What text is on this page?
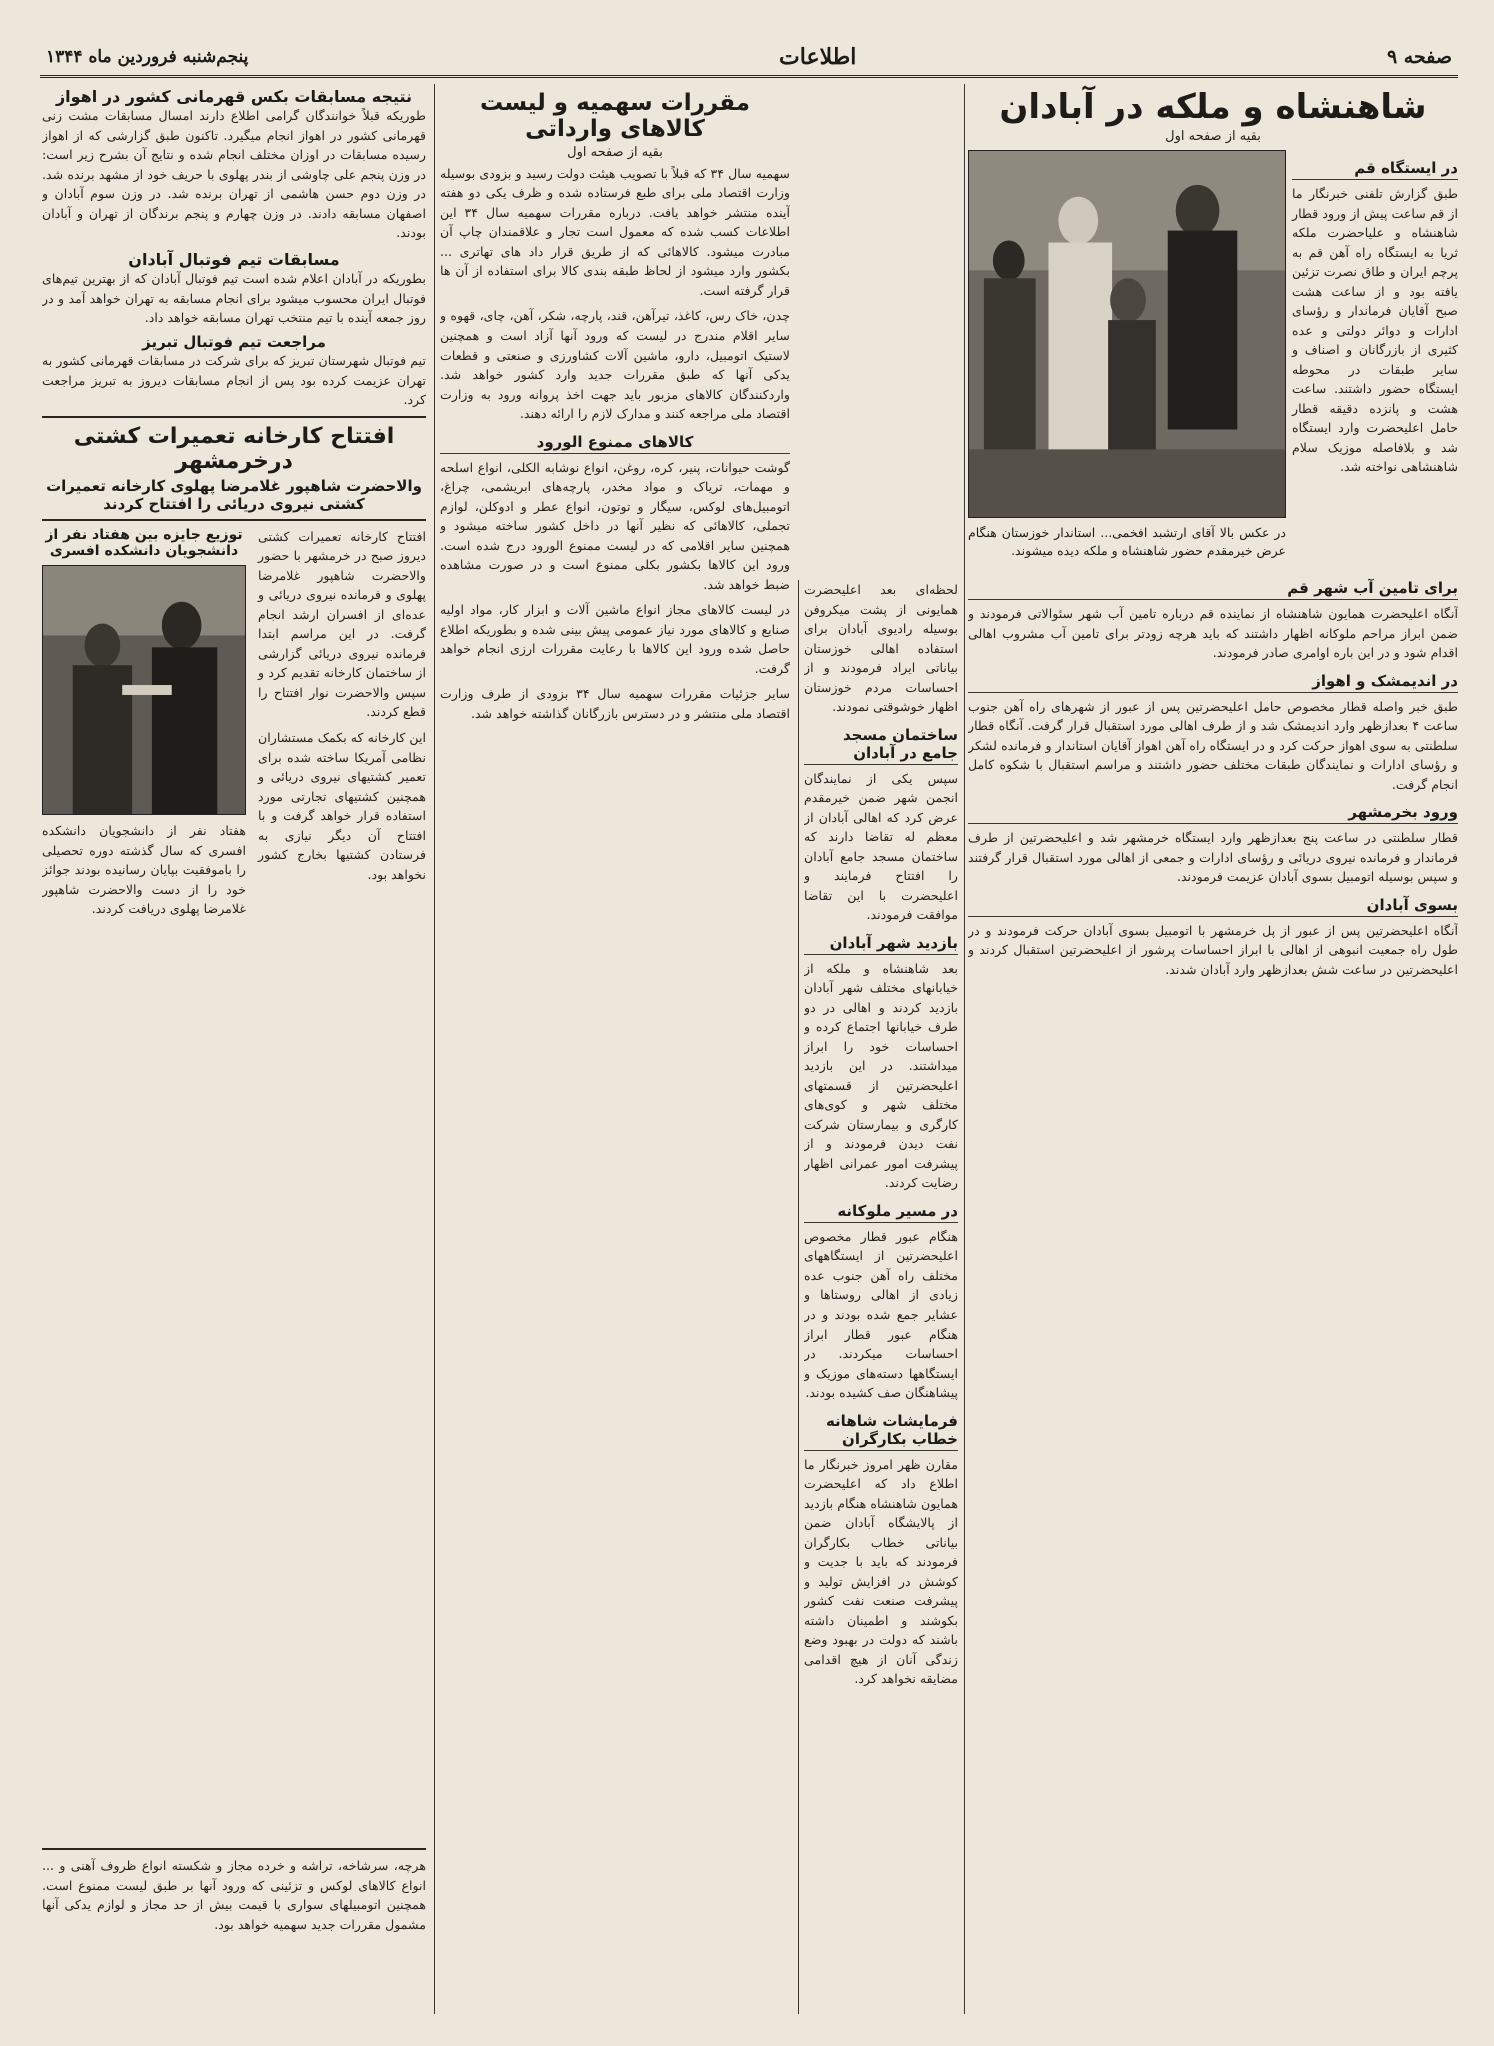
صفحه ۹
اطلاعات
پنجم‌شنبه فروردین ماه ۱۳۴۴
شاهنشاه و ملکه در آبادان
بقیه از صفحه اول
در عکس بالا آقای ارتشبد افخمی... استاندار خوزستان هنگام عرض خیرمقدم حضور شاهنشاه و ملکه دیده میشوند.
در ایستگاه قم
طبق گزارش تلفنی خبرنگار ما از قم ساعت پیش از ورود قطار شاهنشاه و علیاحضرت ملکه ثریا به ایستگاه راه آهن قم به پرچم ایران و طاق نصرت تزئین یافته بود و از ساعت هشت صبح آقایان فرماندار و رؤسای ادارات و دوائر دولتی و عده کثیری از بازرگانان و اصناف و سایر طبقات در محوطه ایستگاه حضور داشتند. ساعت هشت و پانزده دقیقه قطار حامل اعلیحضرت وارد ایستگاه شد و بلافاصله موزیک سلام شاهنشاهی نواخته شد.
برای تامین آب شهر قم
آنگاه اعلیحضرت همایون شاهنشاه از نماینده قم درباره تامین آب شهر سئوالاتی فرمودند و ضمن ابراز مراحم ملوکانه اظهار داشتند که باید هرچه زودتر برای تامین آب مشروب اهالی اقدام شود و در این باره اوامری صادر فرمودند.
در اندیمشک و اهواز
طبق خبر واصله قطار مخصوص حامل اعلیحضرتین پس از عبور از شهرهای راه آهن جنوب ساعت ۴ بعدازظهر وارد اندیمشک شد و از طرف اهالی مورد استقبال قرار گرفت. آنگاه قطار سلطنتی به سوی اهواز حرکت کرد و در ایستگاه راه آهن اهواز آقایان استاندار و فرمانده لشکر و رؤسای ادارات و نمایندگان طبقات مختلف حضور داشتند و مراسم استقبال با شکوه کامل انجام گرفت.
ورود بخرمشهر
قطار سلطنتی در ساعت پنج بعدازظهر وارد ایستگاه خرمشهر شد و اعلیحضرتین از طرف فرماندار و فرمانده نیروی دریائی و رؤسای ادارات و جمعی از اهالی مورد استقبال قرار گرفتند و سپس بوسیله اتومبیل بسوی آبادان عزیمت فرمودند.
بسوی آبادان
آنگاه اعلیحضرتین پس از عبور از پل خرمشهر با اتومبیل بسوی آبادان حرکت فرمودند و در طول راه جمعیت انبوهی از اهالی با ابراز احساسات پرشور از اعلیحضرتین استقبال کردند و اعلیحضرتین در ساعت شش بعدازظهر وارد آبادان شدند.
لحظه‌ای بعد اعلیحضرت همایونی از پشت میکروفن بوسیله رادیوی آبادان برای استفاده اهالی خوزستان بیاناتی ایراد فرمودند و از احساسات مردم خوزستان اظهار خوشوقتی نمودند.
ساختمان مسجد جامع در آبادان
سپس یکی از نمایندگان انجمن شهر ضمن خیرمقدم عرض کرد که اهالی آبادان از معظم له تقاضا دارند که ساختمان مسجد جامع آبادان را افتتاح فرمایند و اعلیحضرت با این تقاضا موافقت فرمودند.
بازدید شهر آبادان
بعد شاهنشاه و ملکه از خیابانهای مختلف شهر آبادان بازدید کردند و اهالی در دو طرف خیابانها اجتماع کرده و احساسات خود را ابراز میداشتند. در این بازدید اعلیحضرتین از قسمتهای مختلف شهر و کوی‌های کارگری و بیمارستان شرکت نفت دیدن فرمودند و از پیشرفت امور عمرانی اظهار رضایت کردند.
در مسیر ملوکانه
هنگام عبور قطار مخصوص اعلیحضرتین از ایستگاههای مختلف راه آهن جنوب عده زیادی از اهالی روستاها و عشایر جمع شده بودند و در هنگام عبور قطار ابراز احساسات میکردند. در ایستگاهها دسته‌های موزیک و پیشاهنگان صف کشیده بودند.
فرمایشات شاهانه خطاب بکارگران
مقارن ظهر امروز خبرنگار ما اطلاع داد که اعلیحضرت همایون شاهنشاه هنگام بازدید از پالایشگاه آبادان ضمن بیاناتی خطاب بکارگران فرمودند که باید با جدیت و کوشش در افزایش تولید و پیشرفت صنعت نفت کشور بکوشند و اطمینان داشته باشند که دولت در بهبود وضع زندگی آنان از هیچ اقدامی مضایقه نخواهد کرد.
مقررات سهمیه و لیست کالاهای وارداتی
بقیه از صفحه اول
سهمیه سال ۳۴ که قبلاً با تصویب هیئت دولت رسید و بزودی بوسیله وزارت اقتصاد ملی برای طبع فرستاده شده و ظرف یکی دو هفته آینده منتشر خواهد یافت. درباره مقررات سهمیه سال ۳۴ این اطلاعات کسب شده که معمول است تجار و علاقمندان چاپ آن مبادرت میشود. کالاهائی که از طریق قرار داد های تهاتری ... بکشور وارد میشود از لحاظ طبقه بندی کالا برای استفاده از آن ها قرار گرفته است.
چدن، خاک رس، کاغذ، تیرآهن، قند، پارچه، شکر، آهن، چای، قهوه و سایر اقلام مندرج در لیست که ورود آنها آزاد است و همچنین لاستیک اتومبیل، دارو، ماشین آلات کشاورزی و صنعتی و قطعات یدکی آنها که طبق مقررات جدید وارد کشور خواهد شد. واردکنندگان کالاهای مزبور باید جهت اخذ پروانه ورود به وزارت اقتصاد ملی مراجعه کنند و مدارک لازم را ارائه دهند.
کالاهای ممنوع الورود
گوشت حیوانات، پنیر، کره، روغن، انواع نوشابه الکلی، انواع اسلحه و مهمات، تریاک و مواد مخدر، پارچه‌های ابریشمی، چراغ، اتومبیل‌های لوکس، سیگار و توتون، انواع عطر و ادوکلن، لوازم تجملی، کالاهائی که نظیر آنها در داخل کشور ساخته میشود و همچنین سایر اقلامی که در لیست ممنوع الورود درج شده است. ورود این کالاها بکشور بکلی ممنوع است و در صورت مشاهده ضبط خواهد شد.
در لیست کالاهای مجاز انواع ماشین آلات و ابزار کار، مواد اولیه صنایع و کالاهای مورد نیاز عمومی پیش بینی شده و بطوریکه اطلاع حاصل شده ورود این کالاها با رعایت مقررات ارزی انجام خواهد گرفت.
سایر جزئیات مقررات سهمیه سال ۳۴ بزودی از طرف وزارت اقتصاد ملی منتشر و در دسترس بازرگانان گذاشته خواهد شد.
نتیجه مسابقات بکس قهرمانی کشور در اهواز
طوریکه قبلاً خوانندگان گرامی اطلاع دارند امسال مسابقات مشت زنی قهرمانی کشور در اهواز انجام میگیرد. تاکنون طبق گزارشی که از اهواز رسیده مسابقات در اوزان مختلف انجام شده و نتایج آن بشرح زیر است: در وزن پنجم علی چاوشی از بندر پهلوی با حریف خود از مشهد برنده شد. در وزن دوم حسن هاشمی از تهران برنده شد. در وزن سوم آبادان و اصفهان مسابقه دادند. در وزن چهارم و پنجم برندگان از تهران و آبادان بودند.
مسابقات تیم فوتبال آبادان
بطوریکه در آبادان اعلام شده است تیم فوتبال آبادان که از بهترین تیم‌های فوتبال ایران محسوب میشود برای انجام مسابقه به تهران خواهد آمد و در روز جمعه آینده با تیم منتخب تهران مسابقه خواهد داد.
مراجعت تیم فوتبال تبریز
تیم فوتبال شهرستان تبریز که برای شرکت در مسابقات قهرمانی کشور به تهران عزیمت کرده بود پس از انجام مسابقات دیروز به تبریز مراجعت کرد.
افتتاح کارخانه تعمیرات کشتی درخرمشهر
والاحضرت شاهپور غلامرضا پهلوی کارخانه تعمیرات کشتی نیروی دریائی را افتتاح کردند
افتتاح کارخانه تعمیرات کشتی دیروز صبح در خرمشهر با حضور والاحضرت شاهپور غلامرضا پهلوی و فرمانده نیروی دریائی و عده‌ای از افسران ارشد انجام گرفت. در این مراسم ابتدا فرمانده نیروی دریائی گزارشی از ساختمان کارخانه تقدیم کرد و سپس والاحضرت نوار افتتاح را قطع کردند.
این کارخانه که بکمک مستشاران نظامی آمریکا ساخته شده برای تعمیر کشتیهای نیروی دریائی و همچنین کشتیهای تجارتی مورد استفاده قرار خواهد گرفت و با افتتاح آن دیگر نیازی به فرستادن کشتیها بخارج کشور نخواهد بود.
توزیع جایزه بین هفتاد نفر از دانشجویان دانشکده افسری
هفتاد نفر از دانشجویان دانشکده افسری که سال گذشته دوره تحصیلی را باموفقیت بپایان رسانیده بودند جوائز خود را از دست والاحضرت شاهپور غلامرضا پهلوی دریافت کردند.
هرچه، سرشاخه، تراشه و خرده مجاز و شکسته انواع ظروف آهنی و ... انواع کالاهای لوکس و تزئینی که ورود آنها بر طبق لیست ممنوع است. همچنین اتومبیلهای سواری با قیمت بیش از حد مجاز و لوازم یدکی آنها مشمول مقررات جدید سهمیه خواهد بود.
